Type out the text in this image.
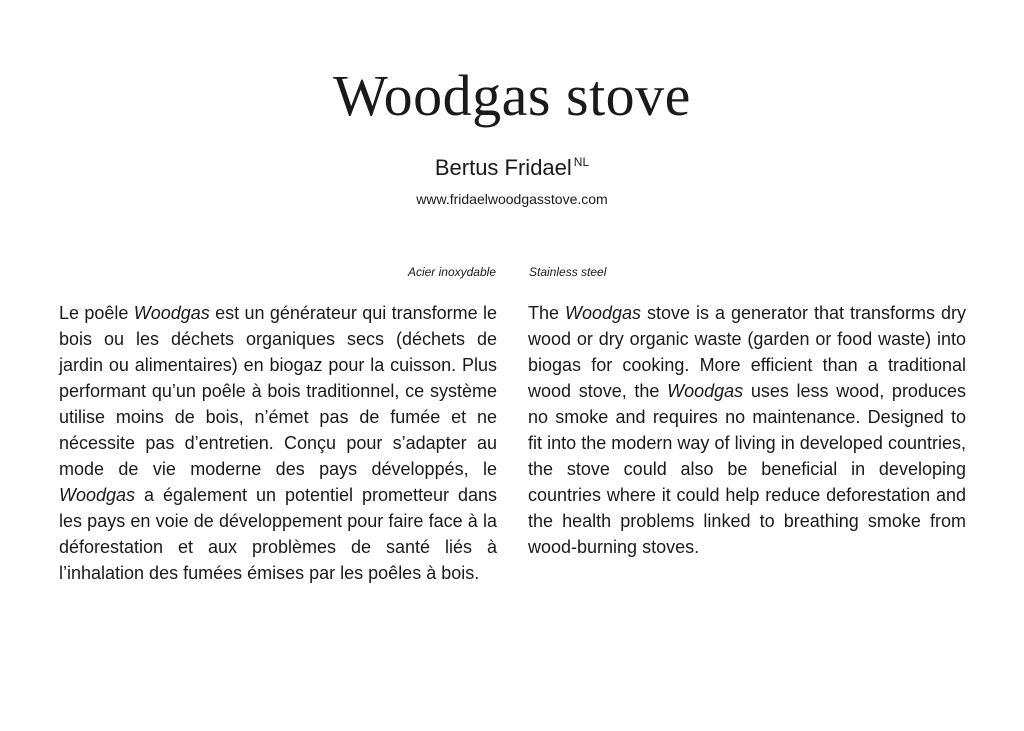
Woodgas stove
Bertus Fridael $^{NL}$
www.fridaelwoodgasstove.com
Acier inoxydable	Stainless steel

Le poêle Woodgas est un générateur qui transforme le bois ou les déchets organiques secs (déchets de jardin ou alimentaires) en biogaz pour la cuisson. Plus performant qu’un poêle à bois traditionnel, ce système utilise moins de bois, n’émet pas de fumée et ne nécessite pas d’entretien. Conçu pour s’adapter au mode de vie moderne des pays développés, le Woodgas a également un potentiel prometteur dans les pays en voie de développement pour faire face à la déforestation et aux problèmes de santé liés à l’inhalation des fumées émises par les poêles à bois.

The Woodgas stove is a generator that transforms dry wood or dry organic waste (garden or food waste) into biogas for cooking. More efficient than a traditional wood stove, the Woodgas uses less wood, produces no smoke and requires no maintenance. Designed to fit into the modern way of living in developed countries, the stove could also be beneficial in developing countries where it could help reduce deforestation and the health problems linked to breathing smoke from wood-burning stoves.
